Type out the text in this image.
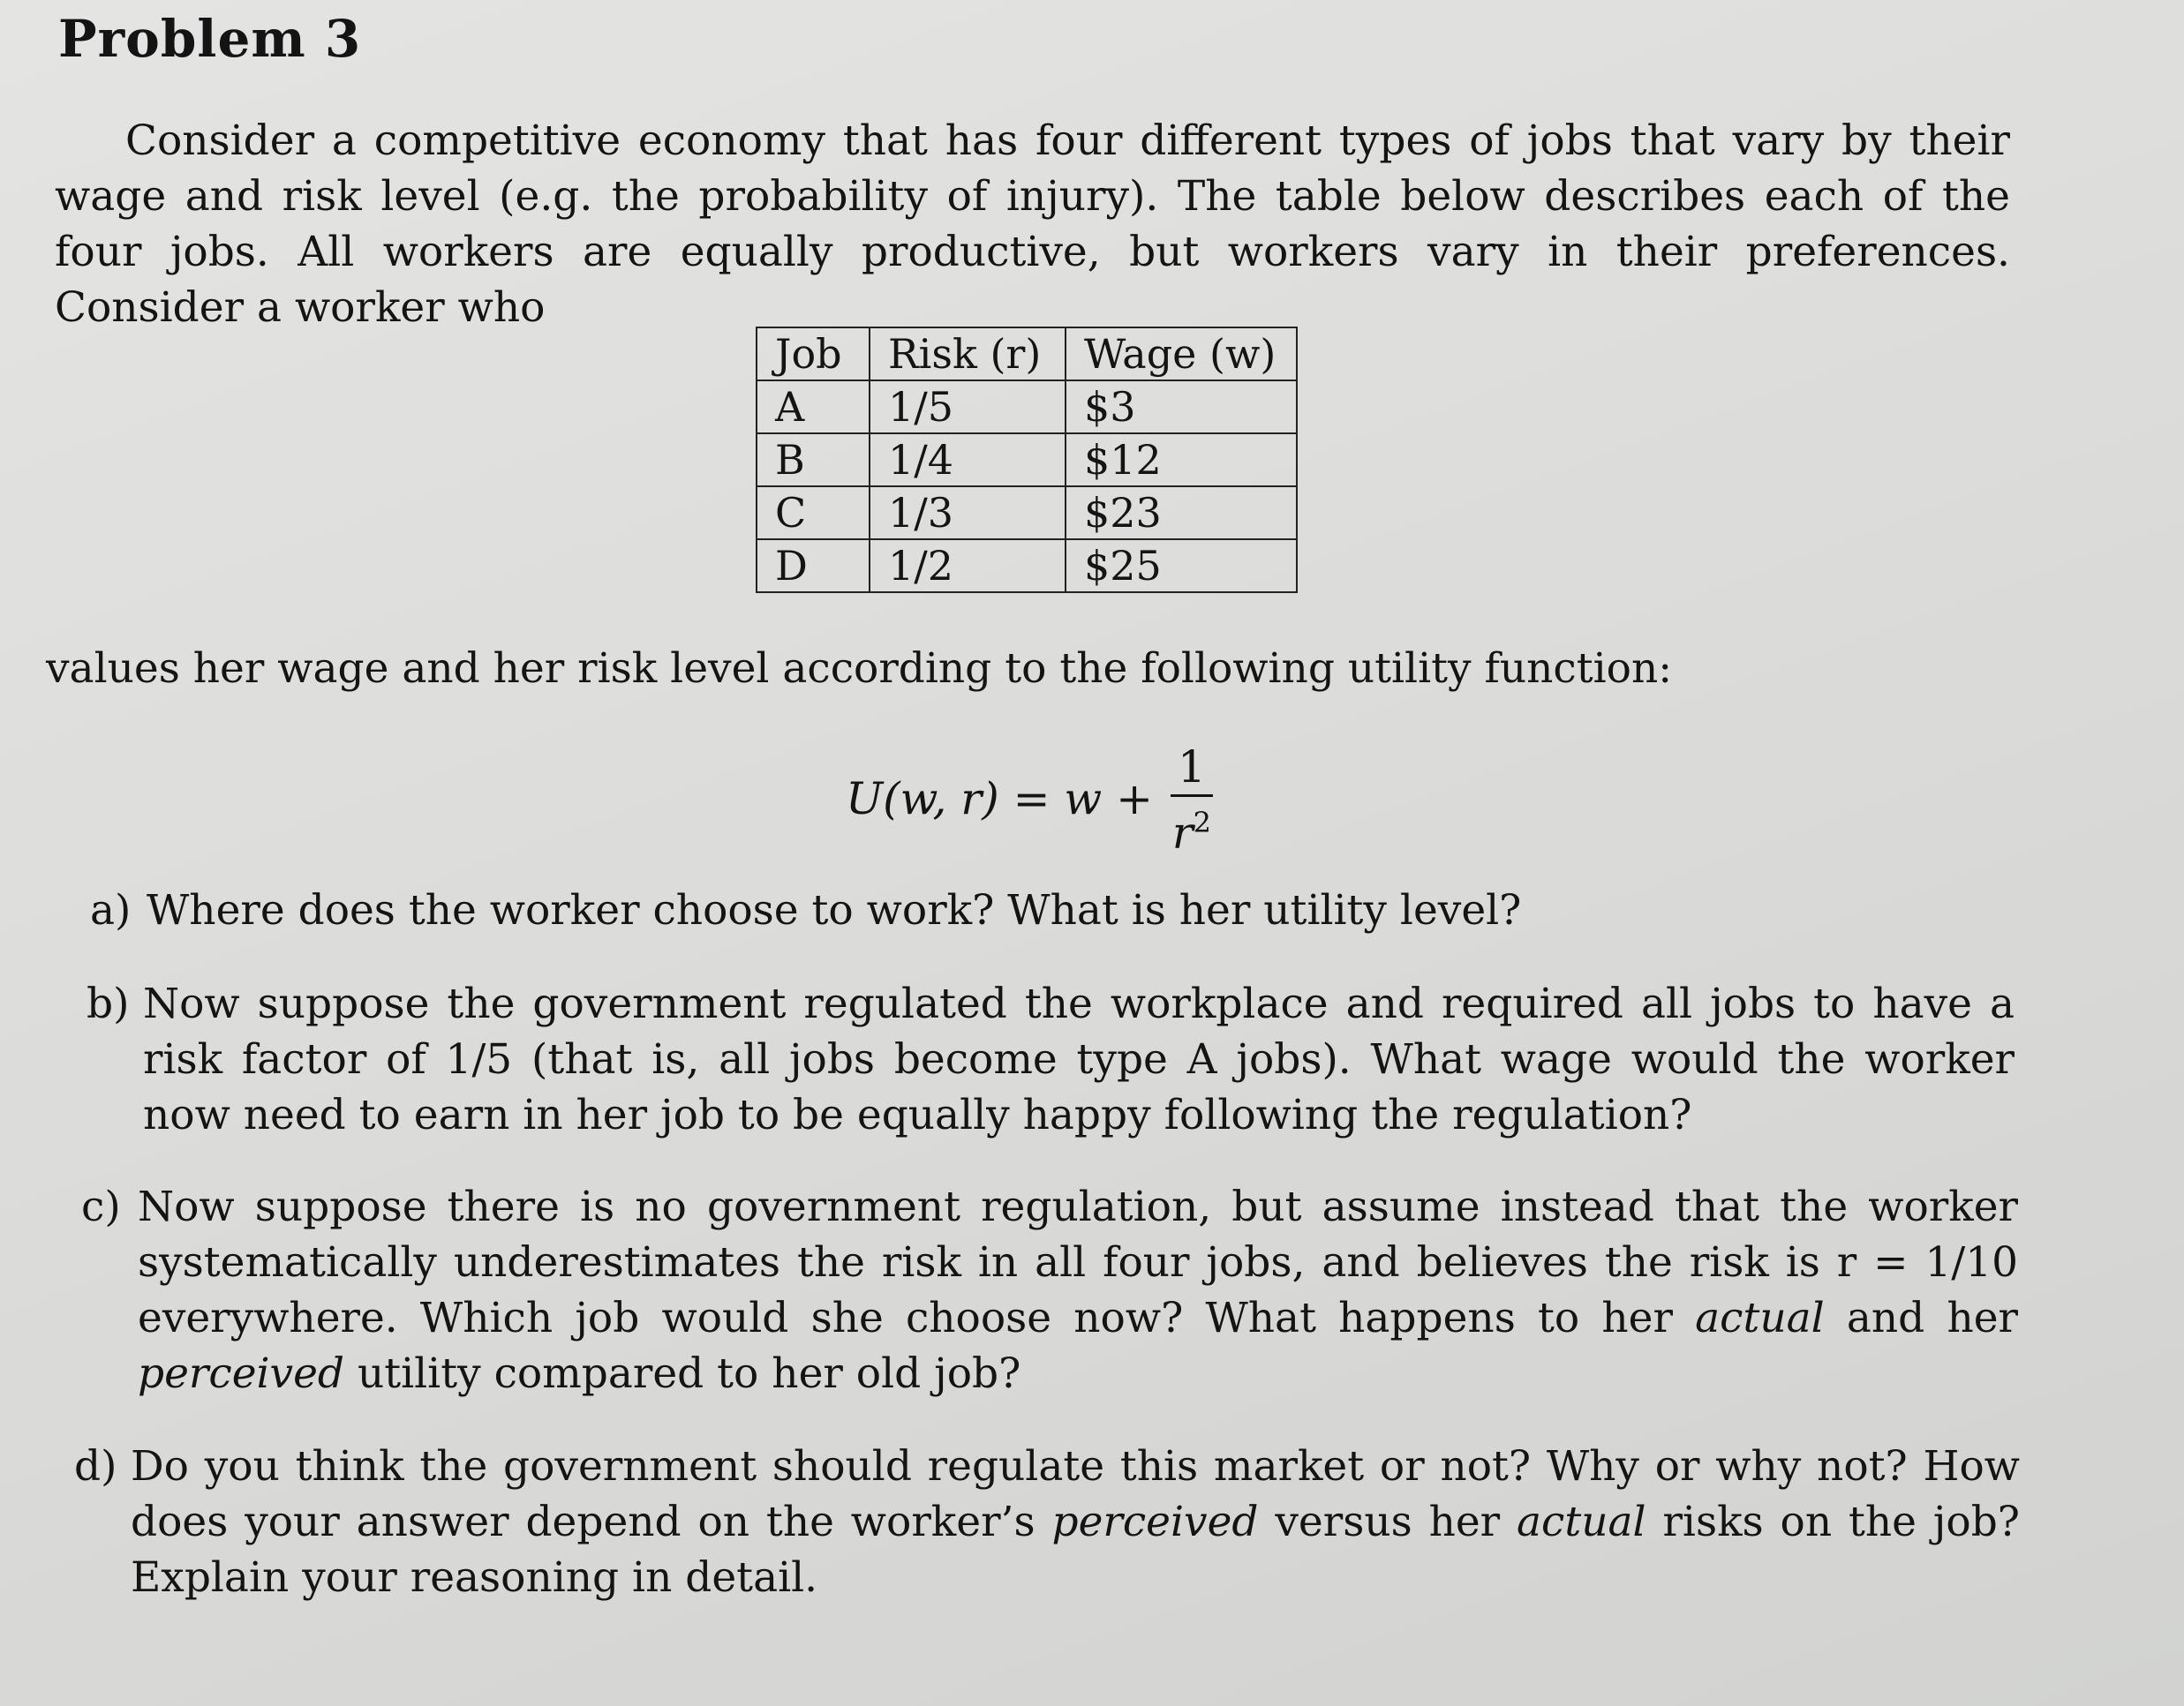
Problem 3

Consider a competitive economy that has four different types of jobs that vary by their wage and risk level (e.g. the probability of injury). The table below describes each of the four jobs. All workers are equally productive, but workers vary in their preferences. Consider a worker who

Job	Risk (r)	Wage (w)
A	1/5	$3
B	1/4	$12
C	1/3	$23
D	1/2	$25

values her wage and her risk level according to the following utility function:

U(w, $r) = w + \frac{1}{r^2}$
a) Where does the worker choose to work? What is her utility level?
b) Now suppose the government regulated the workplace and required all jobs to have a risk factor of 1/5 (that is, all jobs become type A jobs). What wage would the worker now need to earn in her job to be equally happy following the regulation?
c) Now suppose there is no government regulation, but assume instead that the worker systematically underestimates the risk in all four jobs, and believes the risk is r = 1/10 everywhere. Which job would she choose now? What happens to her actual and her perceived utility compared to her old job?
d) Do you think the government should regulate this market or not? Why or why not? How does your answer depend on the worker’s perceived versus her actual risks on the job? Explain your reasoning in detail.
